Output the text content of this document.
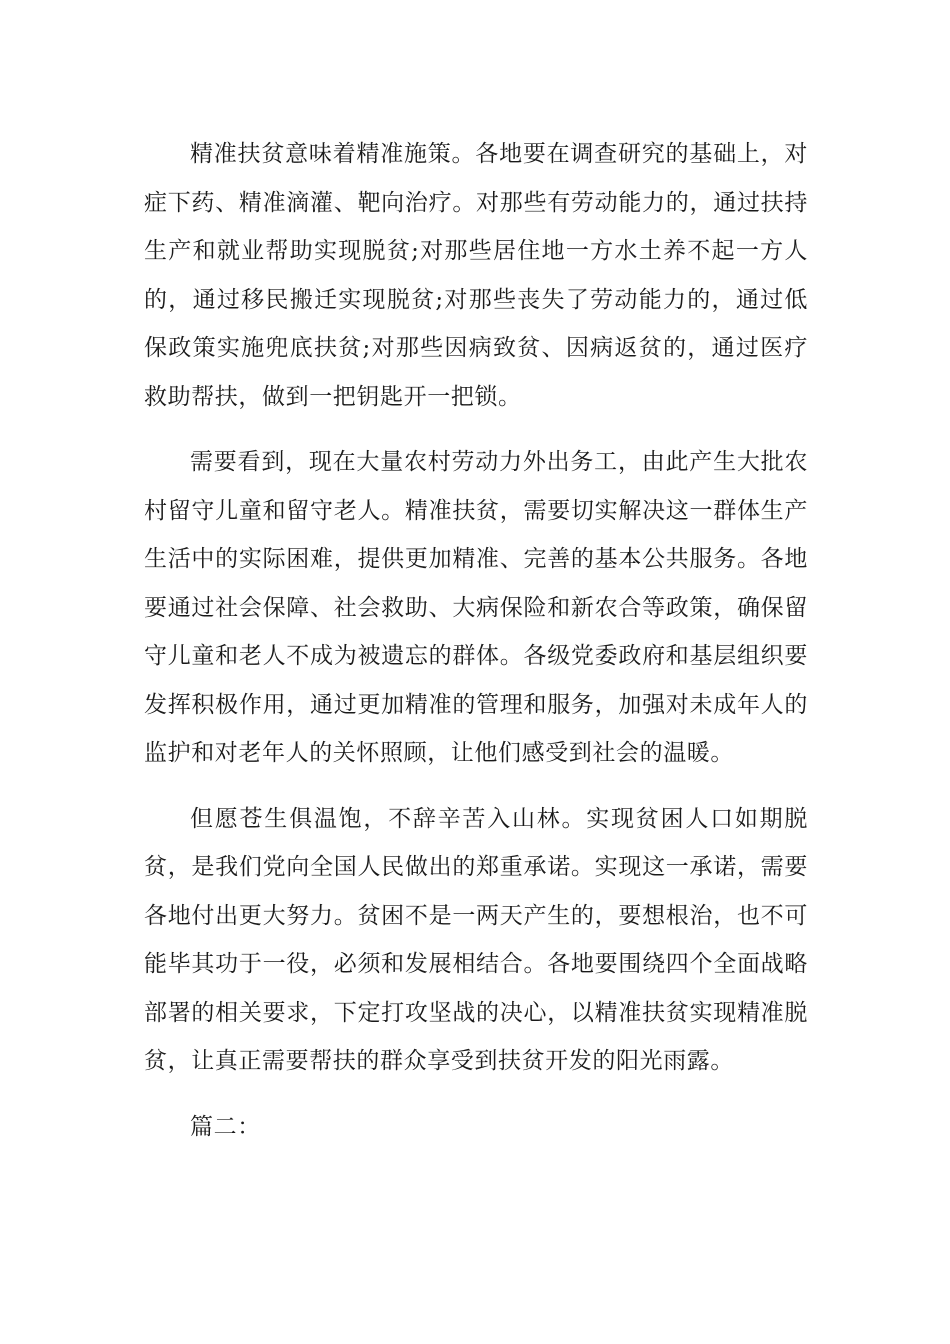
精准扶贫意味着精准施策。各地要在调查研究的基础上，对症下药、精准滴灌、靶向治疗。对那些有劳动能力的，通过扶持生产和就业帮助实现脱贫;对那些居住地一方水土养不起一方人的，通过移民搬迁实现脱贫;对那些丧失了劳动能力的，通过低保政策实施兜底扶贫;对那些因病致贫、因病返贫的，通过医疗救助帮扶，做到一把钥匙开一把锁。

需要看到，现在大量农村劳动力外出务工，由此产生大批农村留守儿童和留守老人。精准扶贫，需要切实解决这一群体生产生活中的实际困难，提供更加精准、完善的基本公共服务。各地要通过社会保障、社会救助、大病保险和新农合等政策，确保留守儿童和老人不成为被遗忘的群体。各级党委政府和基层组织要发挥积极作用，通过更加精准的管理和服务，加强对未成年人的监护和对老年人的关怀照顾，让他们感受到社会的温暖。

但愿苍生俱温饱，不辞辛苦入山林。实现贫困人口如期脱贫，是我们党向全国人民做出的郑重承诺。实现这一承诺，需要各地付出更大努力。贫困不是一两天产生的，要想根治，也不可能毕其功于一役，必须和发展相结合。各地要围绕四个全面战略部署的相关要求，下定打攻坚战的决心，以精准扶贫实现精准脱贫，让真正需要帮扶的群众享受到扶贫开发的阳光雨露。

篇二：
